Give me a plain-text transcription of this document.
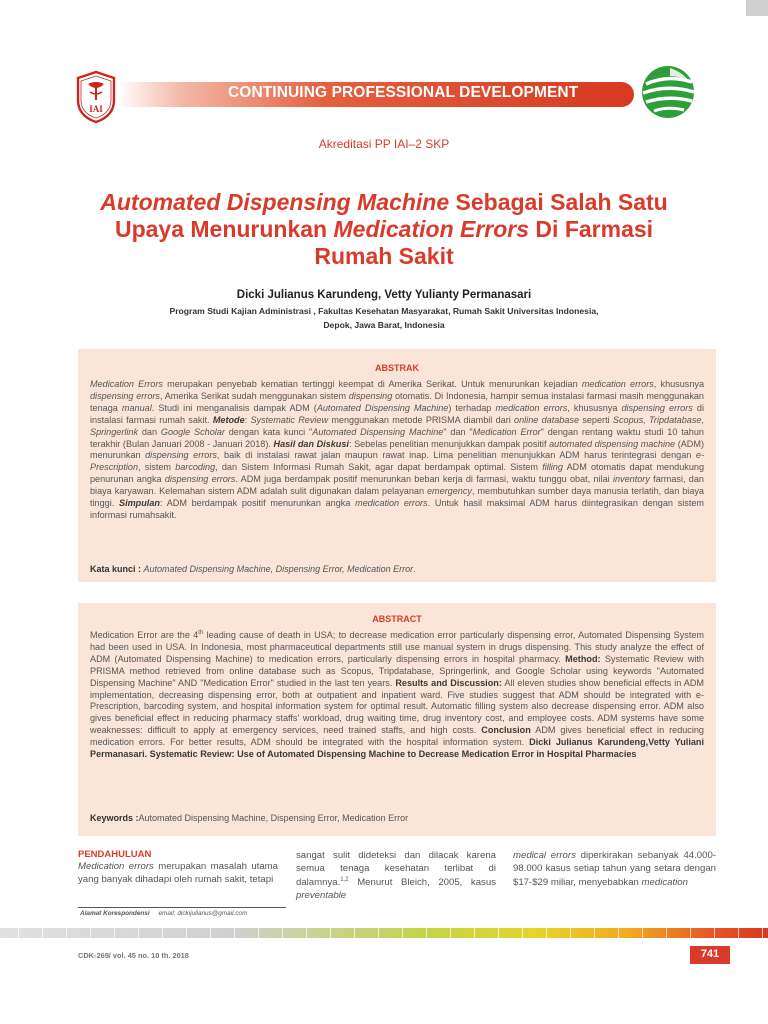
IAI
CONTINUING PROFESSIONAL DEVELOPMENT
Akreditasi PP IAI–2 SKP
Automated Dispensing Machine Sebagai Salah Satu
Upaya Menurunkan Medication Errors Di Farmasi
Rumah Sakit
Dicki Julianus Karundeng, Vetty Yulianty Permanasari
Program Studi Kajian Administrasi , Fakultas Kesehatan Masyarakat, Rumah Sakit Universitas Indonesia,
Depok, Jawa Barat, Indonesia
ABSTRAK
Medication Errors merupakan penyebab kematian tertinggi keempat di Amerika Serikat. Untuk menurunkan kejadian medication errors, khususnya dispensing errors, Amerika Serikat sudah menggunakan sistem dispensing otomatis. Di Indonesia, hampir semua instalasi farmasi masih menggunakan tenaga manual. Studi ini menganalisis dampak ADM (Automated Dispensing Machine) terhadap medication errors, khususnya dispensing errors di instalasi farmasi rumah sakit. Metode: Systematic Review menggunakan metode PRISMA diambil dari online database seperti Scopus, Tripdatabase, Springerlink dan Google Scholar dengan kata kunci "Automated Dispensing Machine" dan "Medication Error" dengan rentang waktu studi 10 tahun terakhir (Bulan Januari 2008 - Januari 2018). Hasil dan Diskusi: Sebelas penelitian menunjukkan dampak positif automated dispensing machine (ADM) menurunkan dispensing errors, baik di instalasi rawat jalan maupun rawat inap. Lima penelitian menunjukkan ADM harus terintegrasi dengan e-Prescription, sistem barcoding, dan Sistem Informasi Rumah Sakit, agar dapat berdampak optimal. Sistem filling ADM otomatis dapat mendukung penurunan angka dispensing errors. ADM juga berdampak positif menurunkan beban kerja di farmasi, waktu tunggu obat, nilai inventory farmasi, dan biaya karyawan. Kelemahan sistem ADM adalah sulit digunakan dalam pelayanan emergency, membutuhkan sumber daya manusia terlatih, dan biaya tinggi. Simpulan: ADM berdampak positif menurunkan angka medication errors. Untuk hasil maksimal ADM harus diintegrasikan dengan sistem informasi rumahsakit.
Kata kunci : Automated Dispensing Machine, Dispensing Error, Medication Error.
ABSTRACT
Medication Error are the 4th leading cause of death in USA; to decrease medication error particularly dispensing error, Automated Dispensing System had been used in USA. In Indonesia, most pharmaceutical departments still use manual system in drugs dispensing. This study analyze the effect of ADM (Automated Dispensing Machine) to medication errors, particularly dispensing errors in hospital pharmacy. Method: Systematic Review with PRISMA method retrieved from online database such as Scopus, Tripdatabase, Springerlink, and Google Scholar using keywords "Automated Dispensing Machine" AND "Medication Error" studied in the last ten years. Results and Discussion: All eleven studies show beneficial effects in ADM implementation, decreasing dispensing error, both at outpatient and inpatient ward. Five studies suggest that ADM should be integrated with e-Prescription, barcoding system, and hospital information system for optimal result. Automatic filling system also decrease dispensing error. ADM also gives beneficial effect in reducing pharmacy staffs' workload, drug waiting time, drug inventory cost, and employee costs. ADM systems have some weaknesses: difficult to apply at emergency services, need trained staffs, and high costs. Conclusion ADM gives beneficial effect in reducing medication errors. For better results, ADM should be integrated with the hospital information system. Dicki Julianus Karundeng,Vetty Yuliani Permanasari. Systematic Review: Use of Automated Dispensing Machine to Decrease Medication Error in Hospital Pharmacies
Keywords :Automated Dispensing Machine, Dispensing Error, Medication Error
PENDAHULUAN
Medication errors merupakan masalah utama yang banyak dihadapi oleh rumah sakit, tetapi
sangat sulit dideteksi dan dilacak karena semua tenaga kesehatan terlibat di dalamnya.$^{1,2}$ Menurut Bleich, 2005, kasus preventable
medical errors diperkirakan sebanyak 44.000-98.000 kasus setiap tahun yang setara dengan $17-$29 miliar, menyebabkan medication
Alamat Korespondensi email: dickijulianus@gmail.com
CDK-269/ vol. 45 no. 10 th. 2018	741
